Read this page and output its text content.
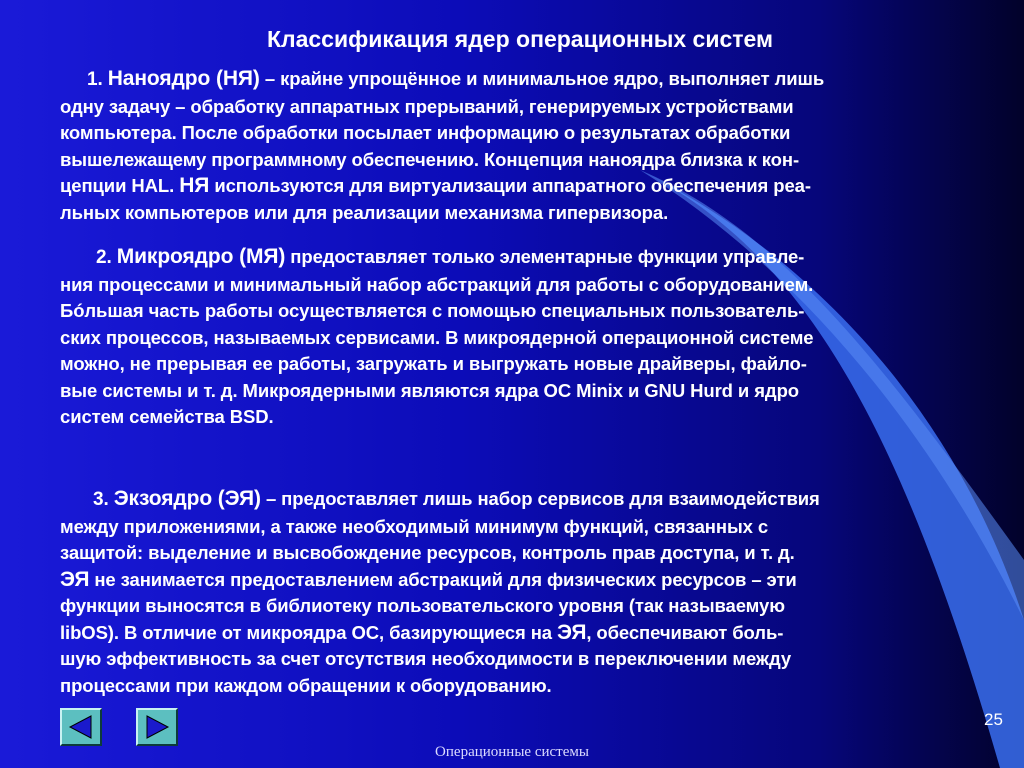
Классификация ядер операционных систем
1. Наноядро (НЯ) – крайне упрощённое и минимальное ядро, выполняет лишь
одну задачу – обработку аппаратных прерываний, генерируемых устройствами
компьютера. После обработки посылает информацию о результатах обработки
вышележащему программному обеспечению. Концепция наноядра близка к кон-
цепции HAL. НЯ используются для виртуализации аппаратного обеспечения реа-
льных компьютеров или для реализации механизма гипервизора.
2. Микроядро (МЯ) предоставляет только элементарные функции управле-
ния процессами и минимальный набор абстракций для работы с оборудованием.
Бóльшая часть работы осуществляется с помощью специальных пользователь-
ских процессов, называемых сервисами. В микроядерной операционной системе
можно, не прерывая ее работы, загружать и выгружать новые драйверы, файло-
вые системы и т. д. Микроядерными являются ядра ОС Minix и GNU Hurd и ядро
систем семейства BSD.
3. Экзоядро (ЭЯ) – предоставляет лишь набор сервисов для взаимодействия
между приложениями, а также необходимый минимум функций, связанных с
защитой: выделение и высвобождение ресурсов, контроль прав доступа, и т. д.
ЭЯ не занимается предоставлением абстракций для физических ресурсов – эти
функции выносятся в библиотеку пользовательского уровня (так называемую
libOS). В отличие от микроядра ОС, базирующиеся на ЭЯ, обеспечивают боль-
шую эффективность за счет отсутствия необходимости в переключении между
процессами при каждом обращении к оборудованию.
25
Операционные системы
